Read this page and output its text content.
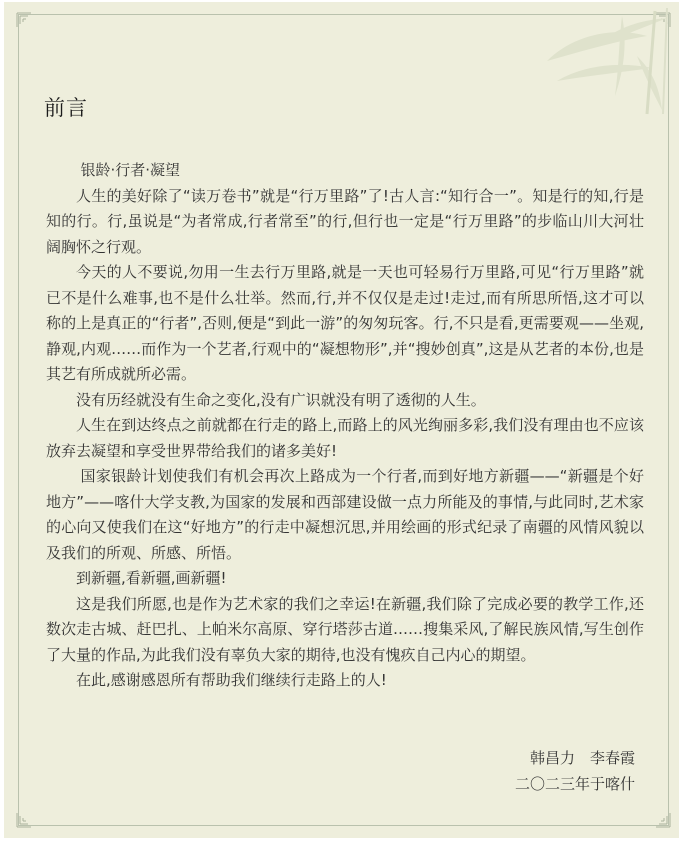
前言

银龄·行者·凝望

人生的美好除了“读万卷书”就是“行万里路”了!古人言:“知行合一”。知是行的知,行是知的行。行,虽说是“为者常成,行者常至”的行,但行也一定是“行万里路”的步临山川大河壮阔胸怀之行观。

今天的人不要说,勿用一生去行万里路,就是一天也可轻易行万里路,可见“行万里路”就已不是什么难事,也不是什么壮举。然而,行,并不仅仅是走过!走过,而有所思所悟,这才可以称的上是真正的“行者”,否则,便是“到此一游”的匆匆玩客。行,不只是看,更需要观——坐观,静观,内观……而作为一个艺者,行观中的“凝想物形”,并“搜妙创真”,这是从艺者的本份,也是其艺有所成就所必需。

没有历经就没有生命之变化,没有广识就没有明了透彻的人生。

人生在到达终点之前就都在行走的路上,而路上的风光绚丽多彩,我们没有理由也不应该放弃去凝望和享受世界带给我们的诸多美好!

国家银龄计划使我们有机会再次上路成为一个行者,而到好地方新疆——“新疆是个好地方”——喀什大学支教,为国家的发展和西部建设做一点力所能及的事情,与此同时,艺术家的心向又使我们在这“好地方”的行走中凝想沉思,并用绘画的形式纪录了南疆的风情风貌以及我们的所观、所感、所悟。

到新疆,看新疆,画新疆!

这是我们所愿,也是作为艺术家的我们之幸运!在新疆,我们除了完成必要的教学工作,还数次走古城、赶巴扎、上帕米尔高原、穿行塔莎古道……搜集采风,了解民族风情,写生创作了大量的作品,为此我们没有辜负大家的期待,也没有愧疚自己内心的期望。

在此,感谢感恩所有帮助我们继续行走路上的人!

韩昌力　李春霞
二〇二三年于喀什
